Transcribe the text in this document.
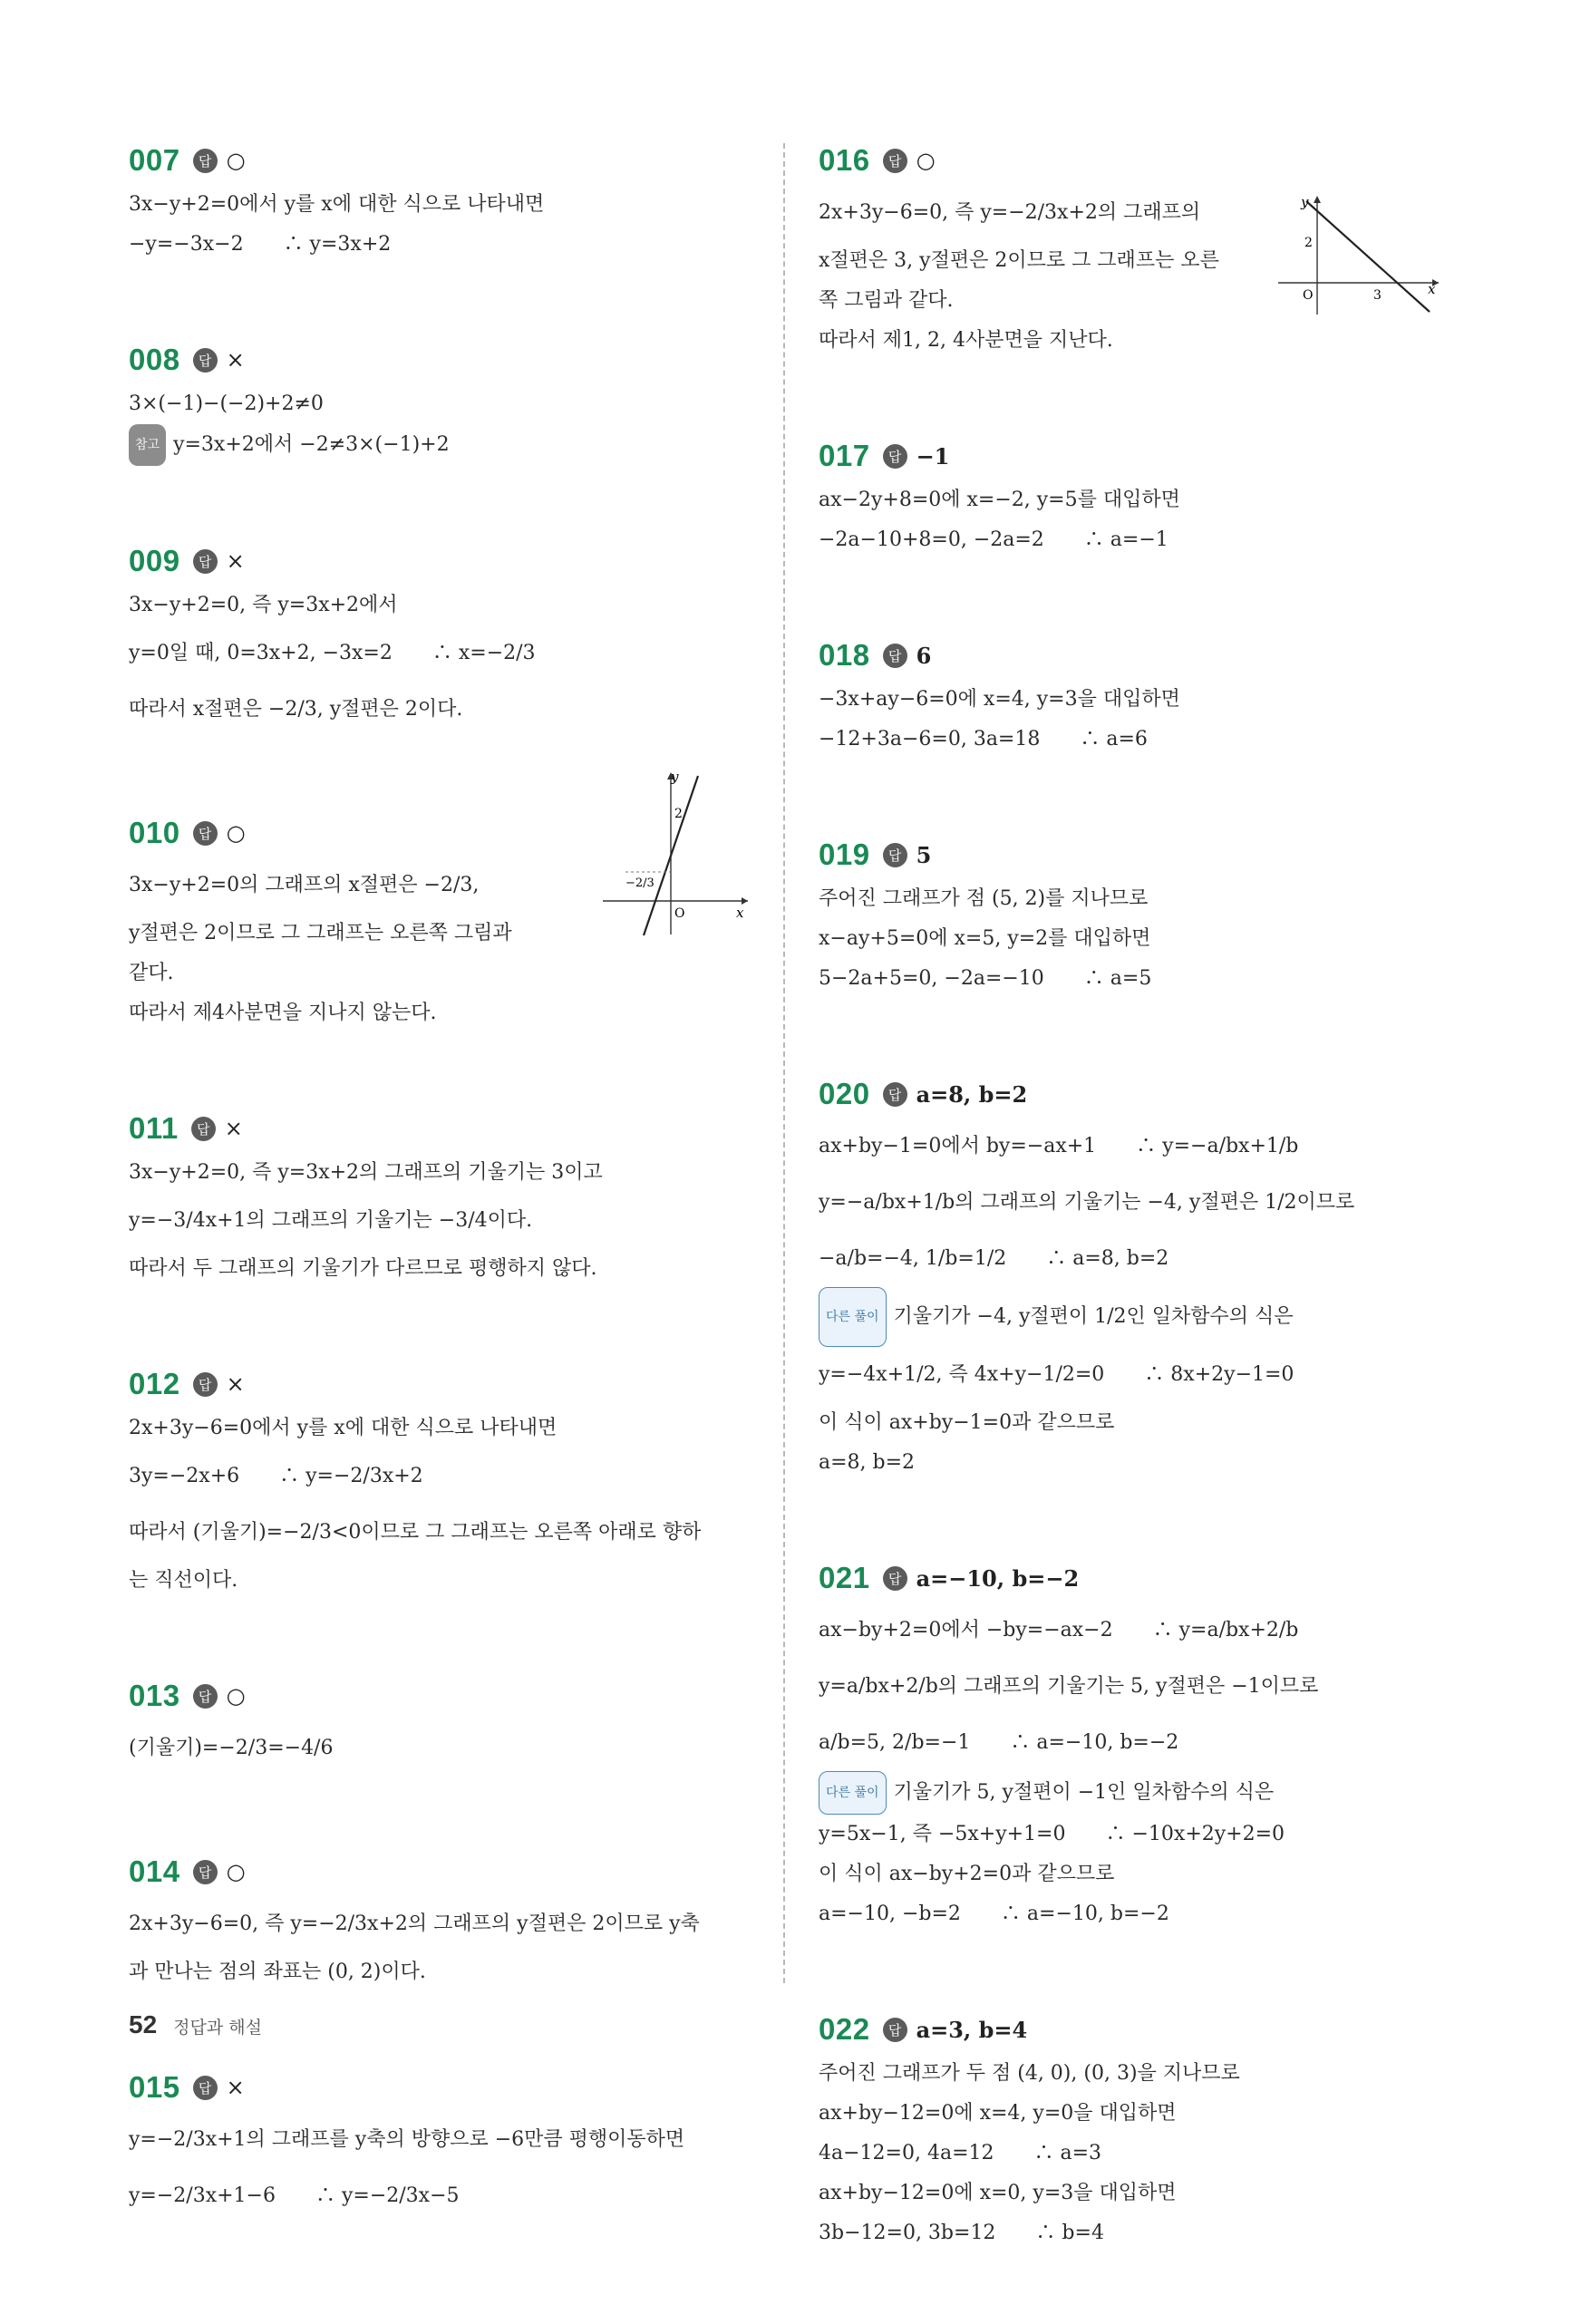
007	답 ○
3x−y+2=0에서 y를 x에 대한 식으로 나타내면
−y=−3x−2　　∴ y=3x+2
008	답 ×
3×(−1)−(−2)+2≠0
참고 y=3x+2에서 −2≠3×(−1)+2
009	답 ×
3x−y+2=0, 즉 y=3x+2에서
y=0일 때, 0=3x+2, −3x=2　　∴ x=−2/3
따라서 x절편은 −2/3, y절편은 2이다.
010	답 ○
3x−y+2=0의 그래프의 x절편은 −2/3,
y절편은 2이므로 그 그래프는 오른쪽 그림과
같다.
따라서 제4사분면을 지나지 않는다.
011	답 ×
3x−y+2=0, 즉 y=3x+2의 그래프의 기울기는 3이고
y=−3/4x+1의 그래프의 기울기는 −3/4이다.
따라서 두 그래프의 기울기가 다르므로 평행하지 않다.
012	답 ×
2x+3y−6=0에서 y를 x에 대한 식으로 나타내면
3y=−2x+6　　∴ y=−2/3x+2
따라서 (기울기)=−2/3<0이므로 그 그래프는 오른쪽 아래로 향하
는 직선이다.
013	답 ○
(기울기)=−2/3=−4/6
014	답 ○
2x+3y−6=0, 즉 y=−2/3x+2의 그래프의 y절편은 2이므로 y축
과 만나는 점의 좌표는 (0, 2)이다.
015	답 ×
y=−2/3x+1의 그래프를 y축의 방향으로 −6만큼 평행이동하면
y=−2/3x+1−6　　∴ y=−2/3x−5
016	답 ○
2x+3y−6=0, 즉 y=−2/3x+2의 그래프의
x절편은 3, y절편은 2이므로 그 그래프는 오른
쪽 그림과 같다.
따라서 제1, 2, 4사분면을 지난다.
017	답 −1
ax−2y+8=0에 x=−2, y=5를 대입하면
−2a−10+8=0, −2a=2　　∴ a=−1
018	답 6
−3x+ay−6=0에 x=4, y=3을 대입하면
−12+3a−6=0, 3a=18　　∴ a=6
019	답 5
주어진 그래프가 점 (5, 2)를 지나므로
x−ay+5=0에 x=5, y=2를 대입하면
5−2a+5=0, −2a=−10　　∴ a=5
020	답 a=8, b=2
ax+by−1=0에서 by=−ax+1　　∴ y=−a/bx+1/b
y=−a/bx+1/b의 그래프의 기울기는 −4, y절편은 1/2이므로
−a/b=−4, 1/b=1/2　　∴ a=8, b=2
다른 풀이 기울기가 −4, y절편이 1/2인 일차함수의 식은
y=−4x+1/2, 즉 4x+y−1/2=0　　∴ 8x+2y−1=0
이 식이 ax+by−1=0과 같으므로
a=8, b=2
021	답 a=−10, b=−2
ax−by+2=0에서 −by=−ax−2　　∴ y=a/bx+2/b
y=a/bx+2/b의 그래프의 기울기는 5, y절편은 −1이므로
a/b=5, 2/b=−1　　∴ a=−10, b=−2
다른 풀이 기울기가 5, y절편이 −1인 일차함수의 식은
y=5x−1, 즉 −5x+y+1=0　　∴ −10x+2y+2=0
이 식이 ax−by+2=0과 같으므로
a=−10, −b=2　　∴ a=−10, b=−2
022	답 a=3, b=4
주어진 그래프가 두 점 (4, 0), (0, 3)을 지나므로
ax+by−12=0에 x=4, y=0을 대입하면
4a−12=0, 4a=12　　∴ a=3
ax+by−12=0에 x=0, y=3을 대입하면
3b−12=0, 3b=12　　∴ b=4
y
x
O
2
−2/3
y
x
O
2
3
52 정답과 해설
